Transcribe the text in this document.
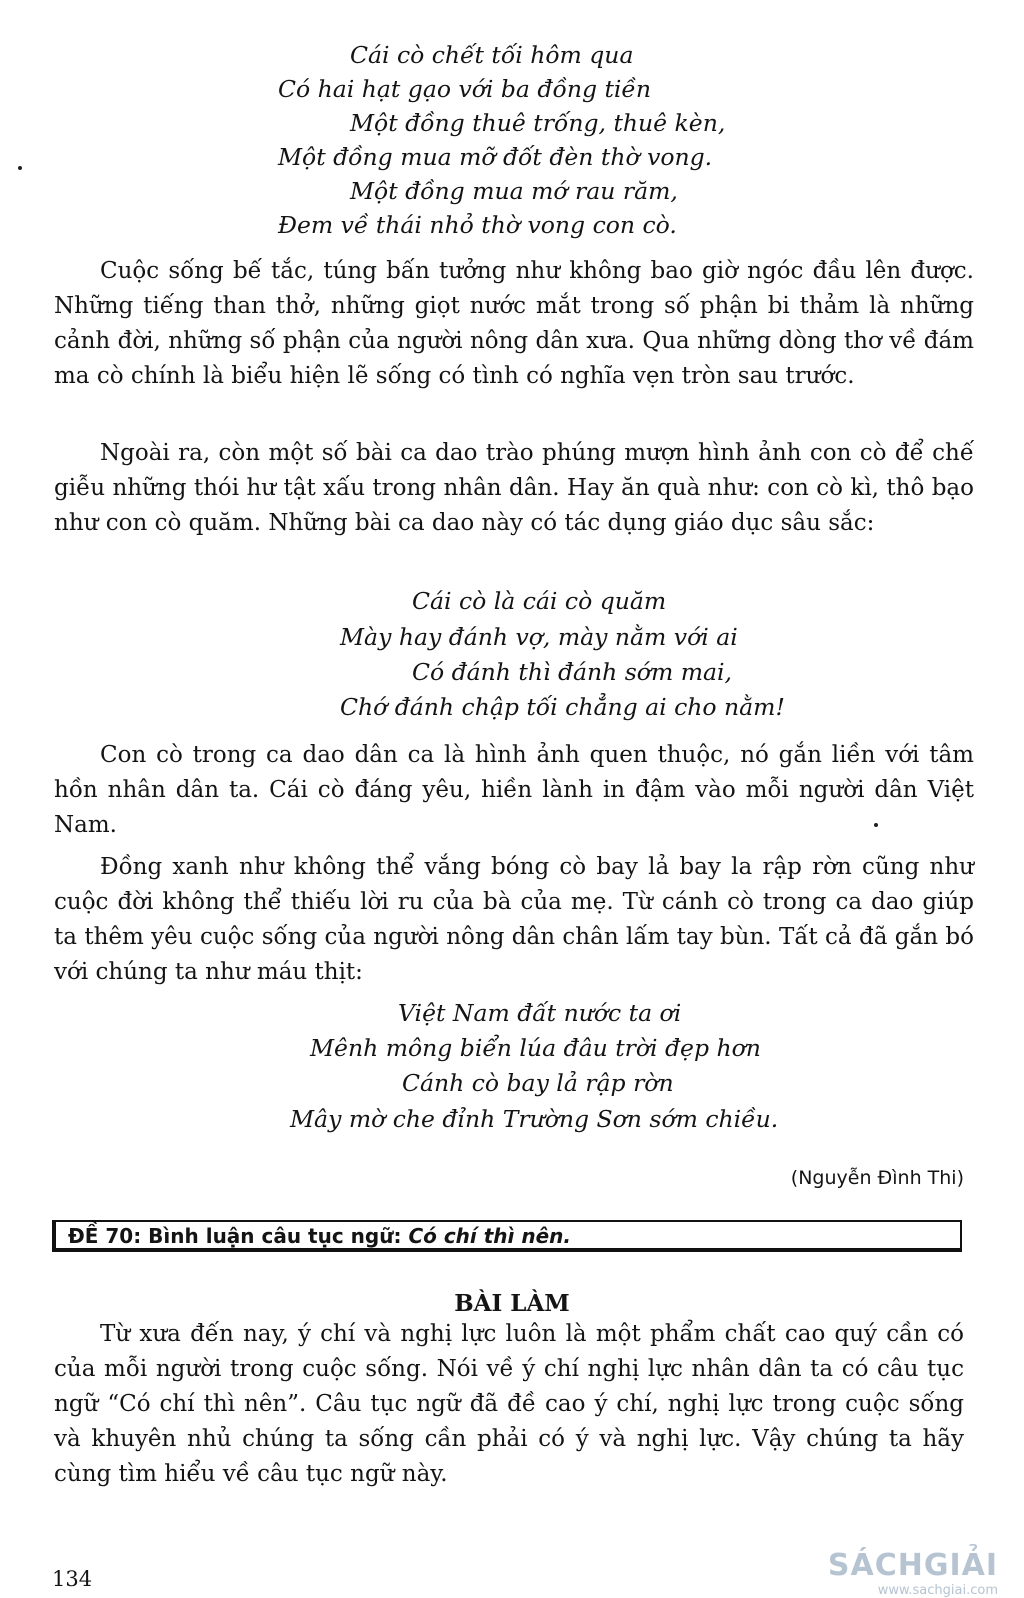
Cái cò chết tối hôm qua
Có hai hạt gạo với ba đồng tiền
Một đồng thuê trống, thuê kèn,
Một đồng mua mỡ đốt đèn thờ vong.
Một đồng mua mớ rau răm,
Đem về thái nhỏ thờ vong con cò.

Cuộc sống bế tắc, túng bấn tưởng như không bao giờ ngóc đầu lên được. Những tiếng than thở, những giọt nước mắt trong số phận bi thảm là những cảnh đời, những số phận của người nông dân xưa. Qua những dòng thơ về đám ma cò chính là biểu hiện lẽ sống có tình có nghĩa vẹn tròn sau trước.

Ngoài ra, còn một số bài ca dao trào phúng mượn hình ảnh con cò để chế giễu những thói hư tật xấu trong nhân dân. Hay ăn quà như: con cò kì, thô bạo như con cò quăm. Những bài ca dao này có tác dụng giáo dục sâu sắc:

Cái cò là cái cò quăm
Mày hay đánh vợ, mày nằm với ai
Có đánh thì đánh sớm mai,
Chớ đánh chập tối chẳng ai cho nằm!

Con cò trong ca dao dân ca là hình ảnh quen thuộc, nó gắn liền với tâm hồn nhân dân ta. Cái cò đáng yêu, hiền lành in đậm vào mỗi người dân Việt Nam.

Đồng xanh như không thể vắng bóng cò bay lả bay la rập rờn cũng như cuộc đời không thể thiếu lời ru của bà của mẹ. Từ cánh cò trong ca dao giúp ta thêm yêu cuộc sống của người nông dân chân lấm tay bùn. Tất cả đã gắn bó với chúng ta như máu thịt:

Việt Nam đất nước ta ơi
Mênh mông biển lúa đâu trời đẹp hơn
Cánh cò bay lả rập rờn
Mây mờ che đỉnh Trường Sơn sớm chiều.
(Nguyễn Đình Thi)
ĐỀ 70: Bình luận câu tục ngữ: Có chí thì nên.
BÀI LÀM

Từ xưa đến nay, ý chí và nghị lực luôn là một phẩm chất cao quý cần có của mỗi người trong cuộc sống. Nói về ý chí nghị lực nhân dân ta có câu tục ngữ “Có chí thì nên”. Câu tục ngữ đã đề cao ý chí, nghị lực trong cuộc sống và khuyên nhủ chúng ta sống cần phải có ý và nghị lực. Vậy chúng ta hãy cùng tìm hiểu về câu tục ngữ này.

134	SÁCHGIẢI
www.sachgiai.com
